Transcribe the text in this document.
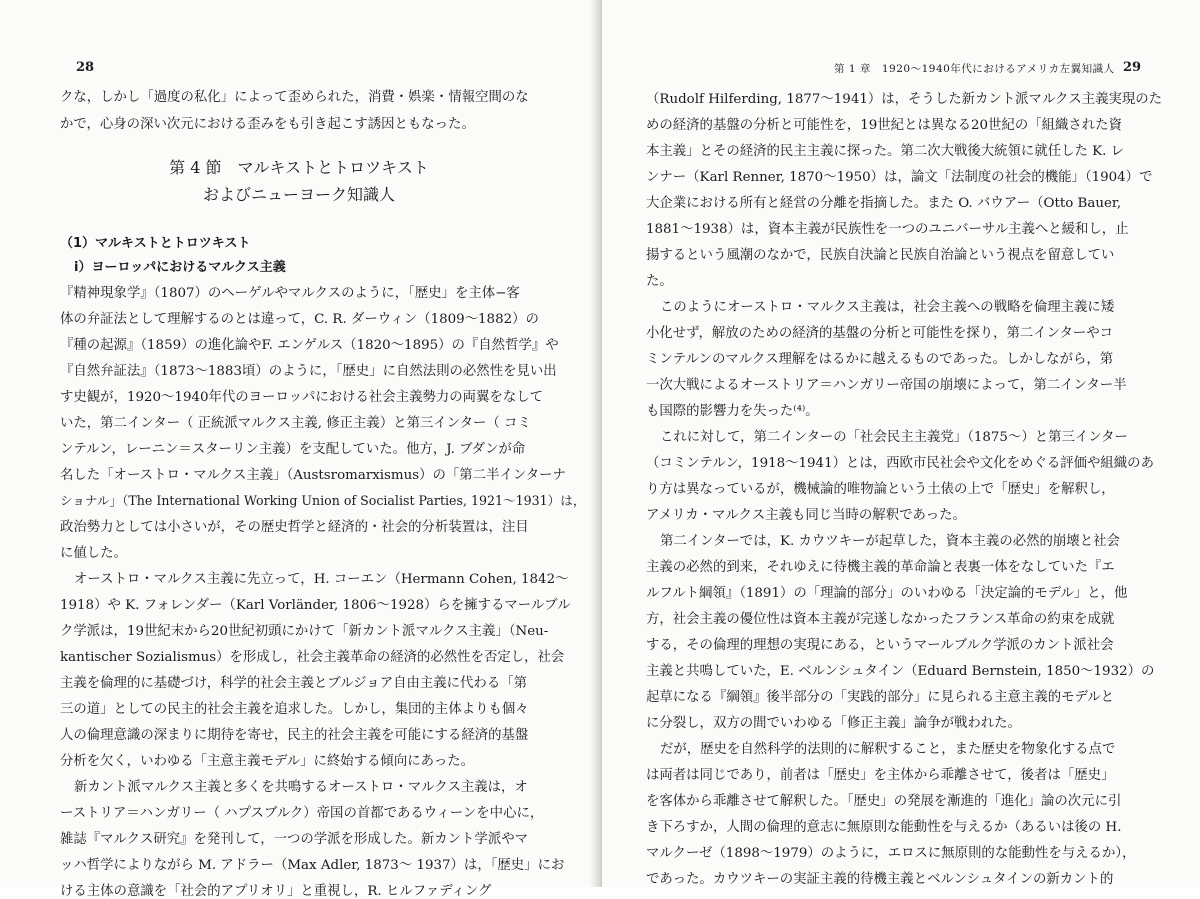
28
クな，しかし「過度の私化」によって歪められた，消費・娯楽・情報空間のな
かで，心身の深い次元における歪みをも引き起こす誘因ともなった。
第 4 節　マルキストとトロツキスト
およびニューヨーク知識人
（1）マルキストとトロツキスト
ⅰ）ヨーロッパにおけるマルクス主義
『精神現象学』（1807）のヘーゲルやマルクスのように，「歴史」を主体−客
体の弁証法として理解するのとは違って，C. R. ダーウィン（1809〜1882）の
『種の起源』（1859）の進化論やF. エンゲルス（1820〜1895）の『自然哲学』や
『自然弁証法』（1873〜1883頃）のように，「歴史」に自然法則の必然性を見い出
す史観が，1920〜1940年代のヨーロッパにおける社会主義勢力の両翼をなして
いた，第二インター（ 正統派マルクス主義, 修正主義）と第三インター（ コミ
ンテルン，レーニン＝スターリン主義）を支配していた。他方，J. ブダンが命
名した「オーストロ・マルクス主義」（Austsromarxismus）の「第二半インターナ
ショナル」（The International Working Union of Socialist Parties, 1921〜1931）は，
政治勢力としては小さいが，その歴史哲学と経済的・社会的分析装置は，注目
に値した。
オーストロ・マルクス主義に先立って，H. コーエン（Hermann Cohen, 1842〜
1918）や K. フォレンダー（Karl Vorländer, 1806〜1928）らを擁するマールブル
ク学派は，19世紀末から20世紀初頭にかけて「新カント派マルクス主義」（Neu-
kantischer Sozialismus）を形成し，社会主義革命の経済的必然性を否定し，社会
主義を倫理的に基礎づけ，科学的社会主義とブルジョア自由主義に代わる「第
三の道」としての民主的社会主義を追求した。しかし，集団的主体よりも個々
人の倫理意識の深まりに期待を寄せ，民主的社会主義を可能にする経済的基盤
分析を欠く，いわゆる「主意主義モデル」に終始する傾向にあった。
新カント派マルクス主義と多くを共鳴するオーストロ・マルクス主義は，オ
ーストリア＝ハンガリー（ ハプスブルク）帝国の首都であるウィーンを中心に，
雑誌『マルクス研究』を発刊して，一つの学派を形成した。新カント学派やマ
ッハ哲学によりながら M. アドラー（Max Adler, 1873〜 1937）は，「歴史」にお
ける主体の意識を「社会的アプリオリ」と重視し，R. ヒルファディング
第 1 章　1920〜1940年代におけるアメリカ左翼知識人 29
（Rudolf Hilferding, 1877〜1941）は，そうした新カント派マルクス主義実現のた
めの経済的基盤の分析と可能性を，19世紀とは異なる20世紀の「組織された資
本主義」とその経済的民主主義に探った。第二次大戦後大統領に就任した K. レ
ンナー（Karl Renner, 1870〜1950）は，論文「法制度の社会的機能」（1904）で
大企業における所有と経営の分離を指摘した。また O. バウアー（Otto Bauer,
1881〜1938）は，資本主義が民族性を一つのユニバーサル主義へと緩和し，止
揚するという風潮のなかで，民族自決論と民族自治論という視点を留意してい
た。
このようにオーストロ・マルクス主義は，社会主義への戦略を倫理主義に矮
小化せず，解放のための経済的基盤の分析と可能性を探り，第二インターやコ
ミンテルンのマルクス理解をはるかに越えるものであった。しかしながら，第
一次大戦によるオーストリア＝ハンガリー帝国の崩壊によって，第二インター半
も国際的影響力を失った⁽⁴⁾。
これに対して，第二インターの「社会民主主義党」（1875〜）と第三インター
（コミンテルン，1918〜1941）とは，西欧市民社会や文化をめぐる評価や組織のあ
り方は異なっているが，機械論的唯物論という土俵の上で「歴史」を解釈し，
アメリカ・マルクス主義も同じ当時の解釈であった。
第二インターでは，K. カウツキーが起草した，資本主義の必然的崩壊と社会
主義の必然的到来，それゆえに待機主義的革命論と表裏一体をなしていた『エ
ルフルト綱領』（1891）の「理論的部分」のいわゆる「決定論的モデル」と，他
方，社会主義の優位性は資本主義が完遂しなかったフランス革命の約束を成就
する，その倫理的理想の実現にある，というマールブルク学派のカント派社会
主義と共鳴していた，E. ベルンシュタイン（Eduard Bernstein, 1850〜1932）の
起草になる『綱領』後半部分の「実践的部分」に見られる主意主義的モデルと
に分裂し，双方の間でいわゆる「修正主義」論争が戦われた。
だが，歴史を自然科学的法則的に解釈すること，また歴史を物象化する点で
は両者は同じであり，前者は「歴史」を主体から乖離させて，後者は「歴史」
を客体から乖離させて解釈した。「歴史」の発展を漸進的「進化」論の次元に引
き下ろすか，人間の倫理的意志に無原則な能動性を与えるか（あるいは後の H.
マルクーゼ（1898〜1979）のように，エロスに無原則的な能動性を与えるか），
であった。カウツキーの実証主義的待機主義とベルンシュタインの新カント的
